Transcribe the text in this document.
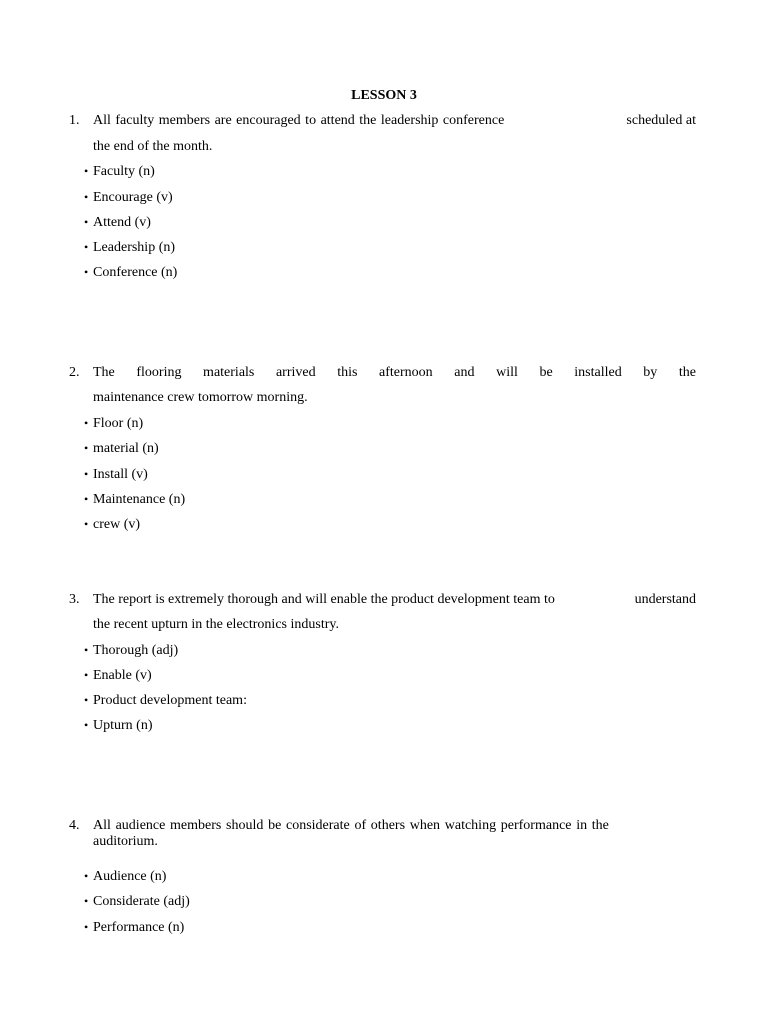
LESSON 3
1. All faculty members are encouraged to attend the leadership conference	scheduled at
the end of the month.
• Faculty (n)
• Encourage (v)
• Attend (v)
• Leadership (n)
• Conference (n)
2. The flooring materials arrived this afternoon and will be installed by the
maintenance crew tomorrow morning.
• Floor (n)
• material (n)
• Install (v)
• Maintenance (n)
• crew (v)
3. The report is extremely thorough and will enable the product development team to	understand
the recent upturn in the electronics industry.
• Thorough (adj)
• Enable (v)
• Product development team:
• Upturn (n)
4. All audience members should be considerate of others when watching performance in the
auditorium.
• Audience (n)
• Considerate (adj)
• Performance (n)
